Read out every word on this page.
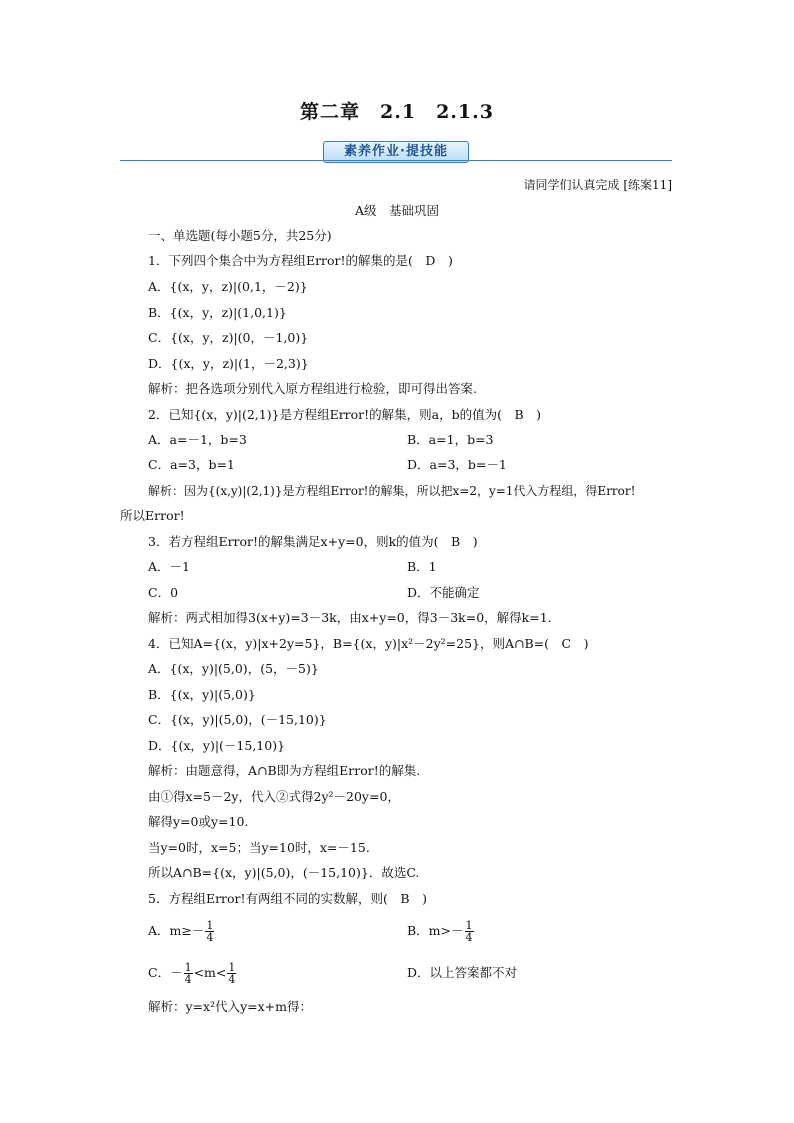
第二章　2.1　2.1.3
素养作业·提技能
请同学们认真完成 [练案11]
A级　基础巩固
一、单选题(每小题5分，共25分)
1．下列四个集合中为方程组Error!的解集的是(　D　)
A．{(x，y，z)|(0,1，－2)}
B．{(x，y，z)|(1,0,1)}
C．{(x，y，z)|(0，－1,0)}
D．{(x，y，z)|(1，－2,3)}
解析：把各选项分别代入原方程组进行检验，即可得出答案.
2．已知{(x，y)|(2,1)}是方程组Error!的解集，则a，b的值为(　B　)
A．a=－1，b=3	B．a=1，b=3
C．a=3，b=1	D．a=3，b=－1
解析：因为{(x,y)|(2,1)}是方程组Error!的解集，所以把x=2，y=1代入方程组，得Error!
所以Error!
3．若方程组Error!的解集满足x+y=0，则k的值为(　B　)
A．－1	B．1
C．0	D．不能确定
解析：两式相加得3(x+y)=3－3k，由x+y=0，得3－3k=0，解得k=1.
4．已知A={(x，y)|x+2y=5}，B={(x，y)|x²－2y²=25}，则A∩B=(　C　)
A．{(x，y)|(5,0)，(5，－5)}
B．{(x，y)|(5,0)}
C．{(x，y)|(5,0)，(－15,10)}
D．{(x，y)|(－15,10)}
解析：由题意得，A∩B即为方程组Error!的解集.
由①得x=5－2y，代入②式得2y²－20y=0，
解得y=0或y=10.
当y=0时，x=5；当y=10时，x=－15.
所以A∩B={(x，y)|(5,0)，(－15,10)}．故选C.
5．方程组Error!有两组不同的实数解，则(　B　)
A．$m\ge- \frac{1}{4}$	B．$m>- \frac{1}{4}$
C．－ $\frac{1}{4} <m< \frac{1}{4}$	D．以上答案都不对
解析：y=x²代入y=x+m得：
